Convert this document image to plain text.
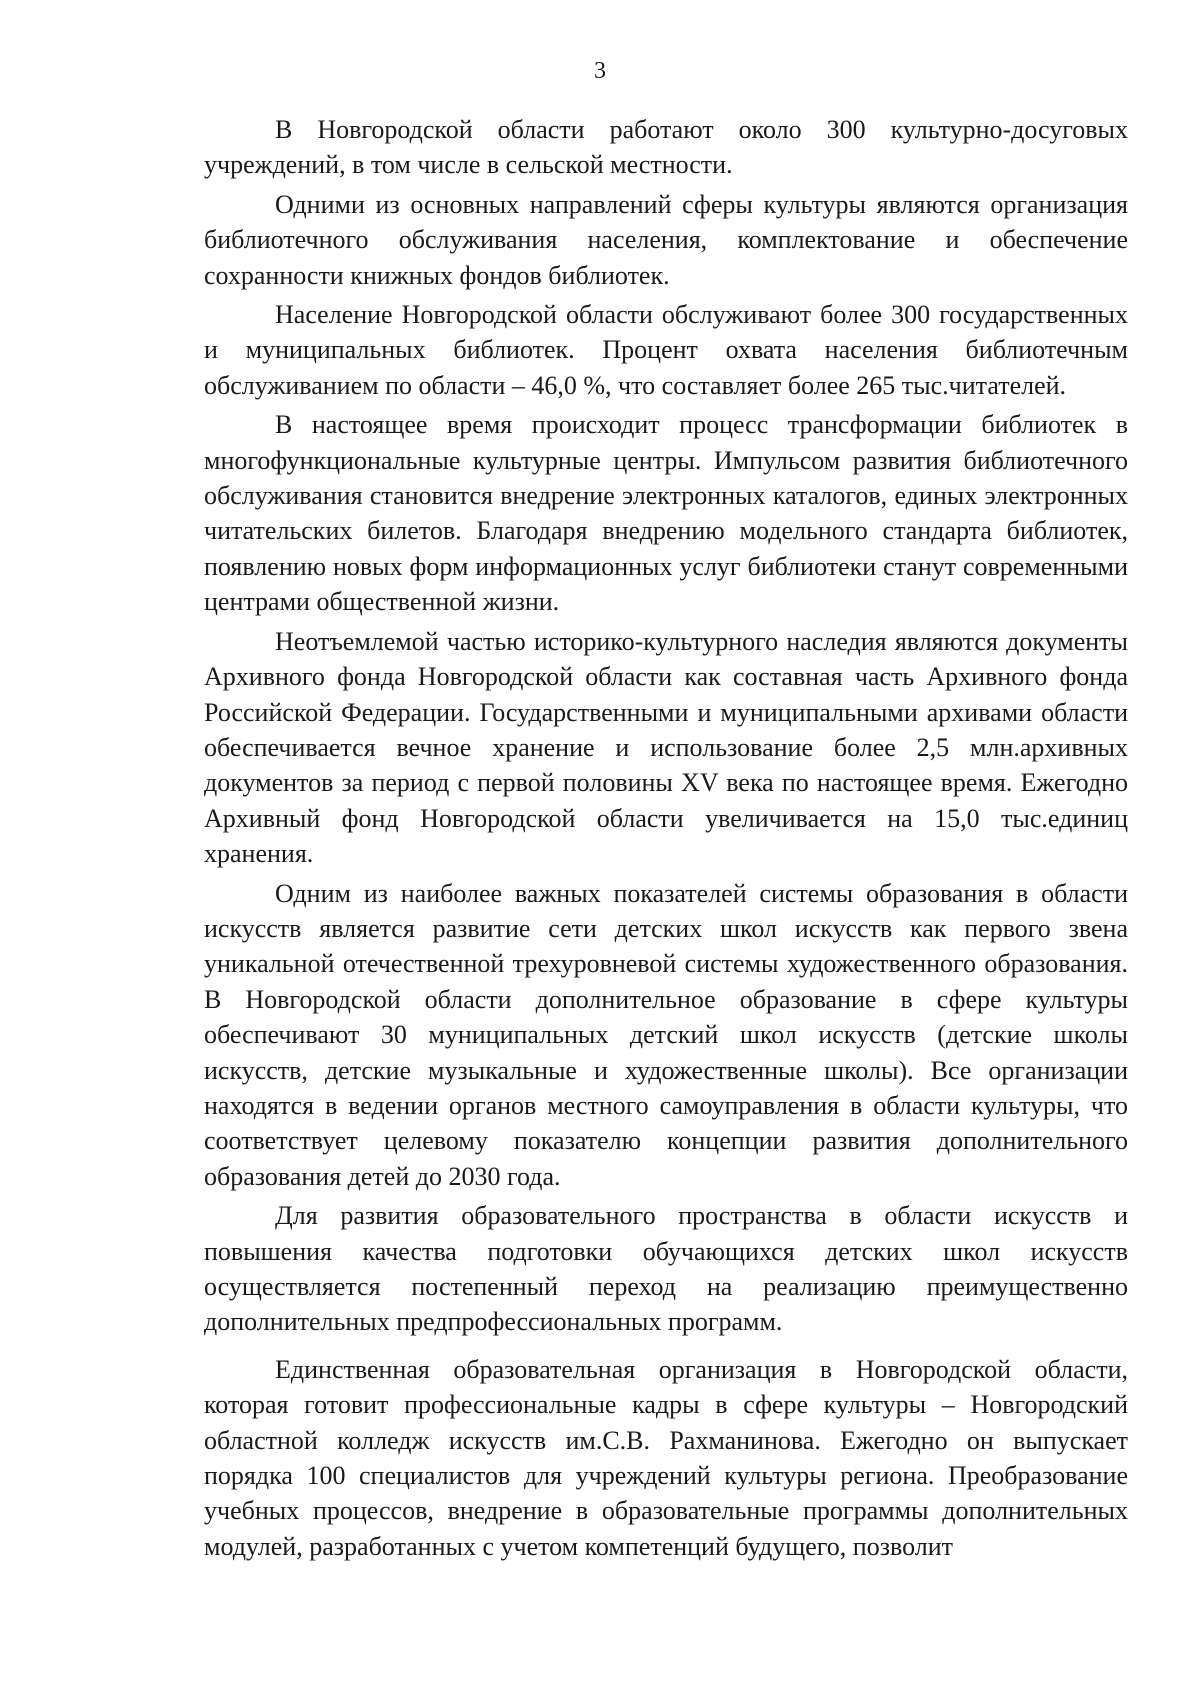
3

В Новгородской области работают около 300 культурно-досуговых учреждений, в том числе в сельской местности.

Одними из основных направлений сферы культуры являются организация библиотечного обслуживания населения, комплектование и обеспечение сохранности книжных фондов библиотек.

Население Новгородской области обслуживают более 300 государственных и муниципальных библиотек. Процент охвата населения библиотечным обслуживанием по области – 46,0 %, что составляет более 265 тыс.читателей.

В настоящее время происходит процесс трансформации библиотек в многофункциональные культурные центры. Импульсом развития библиотечного обслуживания становится внедрение электронных каталогов, единых электронных читательских билетов. Благодаря внедрению модельного стандарта библиотек, появлению новых форм информационных услуг библиотеки станут современными центрами общественной жизни.

Неотъемлемой частью историко-культурного наследия являются документы Архивного фонда Новгородской области как составная часть Архивного фонда Российской Федерации. Государственными и муниципальными архивами области обеспечивается вечное хранение и использование более 2,5 млн.архивных документов за период с первой половины XV века по настоящее время. Ежегодно Архивный фонд Новгородской области увеличивается на 15,0 тыс.единиц хранения.

Одним из наиболее важных показателей системы образования в области искусств является развитие сети детских школ искусств как первого звена уникальной отечественной трехуровневой системы художественного образования. В Новгородской области дополнительное образование в сфере культуры обеспечивают 30 муниципальных детский школ искусств (детские школы искусств, детские музыкальные и художественные школы). Все организации находятся в ведении органов местного самоуправления в области культуры, что соответствует целевому показателю концепции развития дополнительного образования детей до 2030 года.

Для развития образовательного пространства в области искусств и повышения качества подготовки обучающихся детских школ искусств осуществляется постепенный переход на реализацию преимущественно дополнительных предпрофессиональных программ.

Единственная образовательная организация в Новгородской области, которая готовит профессиональные кадры в сфере культуры – Новгородский областной колледж искусств им.С.В. Рахманинова. Ежегодно он выпускает порядка 100 специалистов для учреждений культуры региона. Преобразование учебных процессов, внедрение в образовательные программы дополнительных модулей, разработанных с учетом компетенций будущего, позволит
